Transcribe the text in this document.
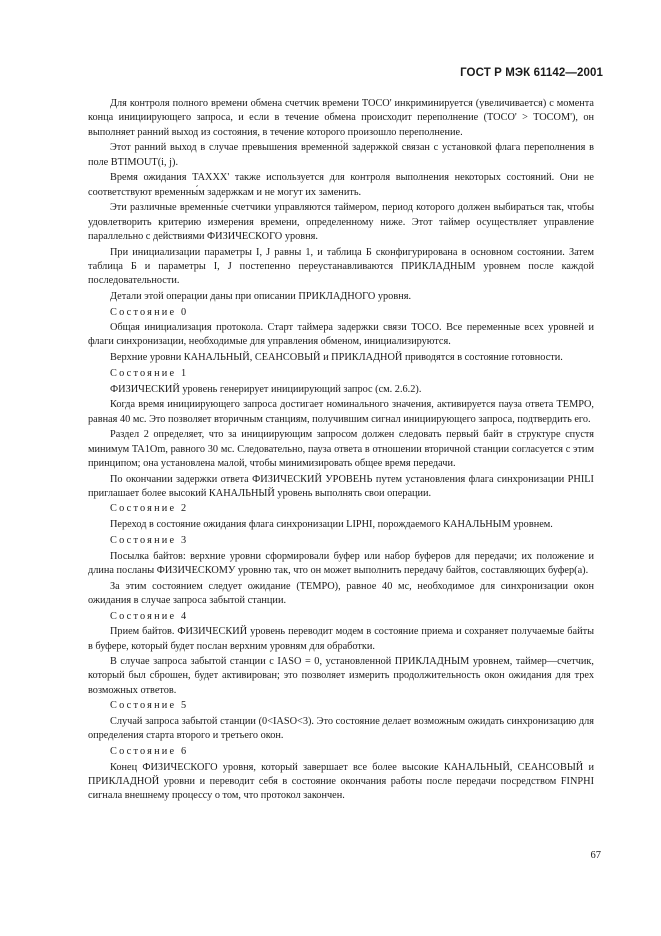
ГОСТ Р МЭК 61142—2001

Для контроля полного времени обмена счетчик времени TOCO' инкриминируется (увеличивается) с момента конца инициирующего запроса, и если в течение обмена происходит переполнение (TOCO' > TOCOM'), он выполняет ранний выход из состояния, в течение которого произошло переполнение.

Этот ранний выход в случае превышения временно́й задержкой связан с установкой флага переполнения в поле BTIMOUT(i, j).

Время ожидания TAXXX' также используется для контроля выполнения некоторых состояний. Они не соответствуют временны́м задержкам и не могут их заменить.

Эти различные временны́е счетчики управляются таймером, период которого должен выбираться так, чтобы удовлетворить критерию измерения времени, определенному ниже. Этот таймер осуществляет управление параллельно с действиями ФИЗИЧЕСКОГО уровня.

При инициализации параметры I, J равны 1, и таблица Б сконфигурирована в основном состоянии. Затем таблица Б и параметры I, J постепенно переустанавливаются ПРИКЛАДНЫМ уровнем после каждой последовательности.

Детали этой операции даны при описании ПРИКЛАДНОГО уровня.

Состояние 0

Общая инициализация протокола. Старт таймера задержки связи TOCO. Все переменные всех уровней и флаги синхронизации, необходимые для управления обменом, инициализируются.

Верхние уровни КАНАЛЬНЫЙ, СЕАНСОВЫЙ и ПРИКЛАДНОЙ приводятся в состояние готовности.

Состояние 1

ФИЗИЧЕСКИЙ уровень генерирует инициирующий запрос (см. 2.6.2).

Когда время инициирующего запроса достигает номинального значения, активируется пауза ответа TEMPO, равная 40 мс. Это позволяет вторичным станциям, получившим сигнал инициирующего запроса, подтвердить его.

Раздел 2 определяет, что за инициирующим запросом должен следовать первый байт в структуре спустя минимум TA1Om, равного 30 мс. Следовательно, пауза ответа в отношении вторичной станции согласуется с этим принципом; она установлена малой, чтобы минимизировать общее время передачи.

По окончании задержки ответа ФИЗИЧЕСКИЙ УРОВЕНЬ путем установления флага синхронизации PHILI приглашает более высокий КАНАЛЬНЫЙ уровень выполнять свои операции.

Состояние 2

Переход в состояние ожидания флага синхронизации LIPHI, порождаемого КАНАЛЬНЫМ уровнем.

Состояние 3

Посылка байтов: верхние уровни сформировали буфер или набор буферов для передачи; их положение и длина посланы ФИЗИЧЕСКОМУ уровню так, что он может выполнить передачу байтов, составляющих буфер(а).

За этим состоянием следует ожидание (TEMPO), равное 40 мс, необходимое для синхронизации окон ожидания в случае запроса забытой станции.

Состояние 4

Прием байтов. ФИЗИЧЕСКИЙ уровень переводит модем в состояние приема и сохраняет получаемые байты в буфере, который будет послан верхним уровням для обработки.

В случае запроса забытой станции с IASO = 0, установленной ПРИКЛАДНЫМ уровнем, таймер—счетчик, который был сброшен, будет активирован; это позволяет измерить продолжительность окон ожидания для трех возможных ответов.

Состояние 5

Случай запроса забытой станции (0<IASO<3). Это состояние делает возможным ожидать синхронизацию для определения старта второго и третьего окон.

Состояние 6

Конец ФИЗИЧЕСКОГО уровня, который завершает все более высокие КАНАЛЬНЫЙ, СЕАНСОВЫЙ и ПРИКЛАДНОЙ уровни и переводит себя в состояние окончания работы после передачи посредством FINPHI сигнала внешнему процессу о том, что протокол закончен.

67
